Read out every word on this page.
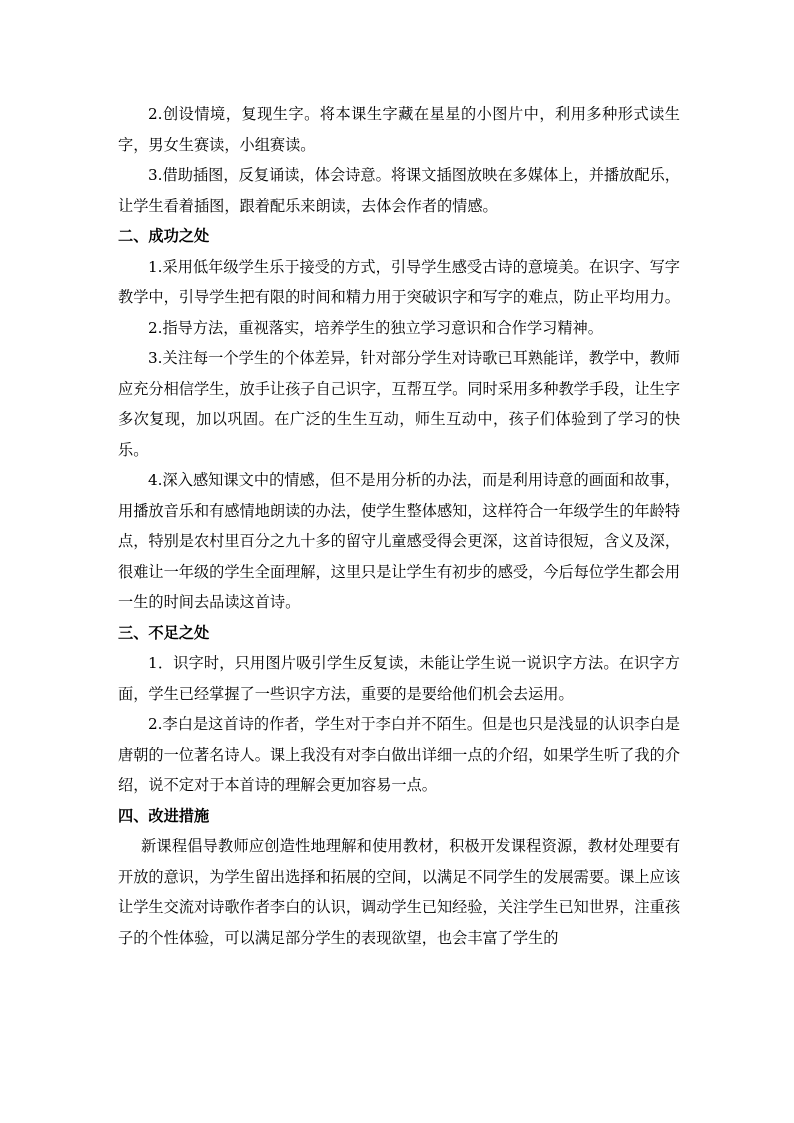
2.创设情境，复现生字。将本课生字藏在星星的小图片中，利用多种形式读生字，男女生赛读，小组赛读。

3.借助插图，反复诵读，体会诗意。将课文插图放映在多媒体上，并播放配乐，让学生看着插图，跟着配乐来朗读，去体会作者的情感。

二、成功之处

1.采用低年级学生乐于接受的方式，引导学生感受古诗的意境美。在识字、写字教学中，引导学生把有限的时间和精力用于突破识字和写字的难点，防止平均用力。

2.指导方法，重视落实，培养学生的独立学习意识和合作学习精神。

3.关注每一个学生的个体差异，针对部分学生对诗歌已耳熟能详，教学中，教师应充分相信学生，放手让孩子自己识字，互帮互学。同时采用多种教学手段，让生字多次复现，加以巩固。在广泛的生生互动，师生互动中，孩子们体验到了学习的快乐。

4.深入感知课文中的情感，但不是用分析的办法，而是利用诗意的画面和故事，用播放音乐和有感情地朗读的办法，使学生整体感知，这样符合一年级学生的年龄特点，特别是农村里百分之九十多的留守儿童感受得会更深，这首诗很短，含义及深，很难让一年级的学生全面理解，这里只是让学生有初步的感受，今后每位学生都会用一生的时间去品读这首诗。

三、不足之处

1．识字时，只用图片吸引学生反复读，未能让学生说一说识字方法。在识字方面，学生已经掌握了一些识字方法，重要的是要给他们机会去运用。

2.李白是这首诗的作者，学生对于李白并不陌生。但是也只是浅显的认识李白是唐朝的一位著名诗人。课上我没有对李白做出详细一点的介绍，如果学生听了我的介绍，说不定对于本首诗的理解会更加容易一点。

四、改进措施

新课程倡导教师应创造性地理解和使用教材，积极开发课程资源，教材处理要有开放的意识，为学生留出选择和拓展的空间，以满足不同学生的发展需要。课上应该让学生交流对诗歌作者李白的认识，调动学生已知经验，关注学生已知世界，注重孩子的个性体验，可以满足部分学生的表现欲望，也会丰富了学生的
